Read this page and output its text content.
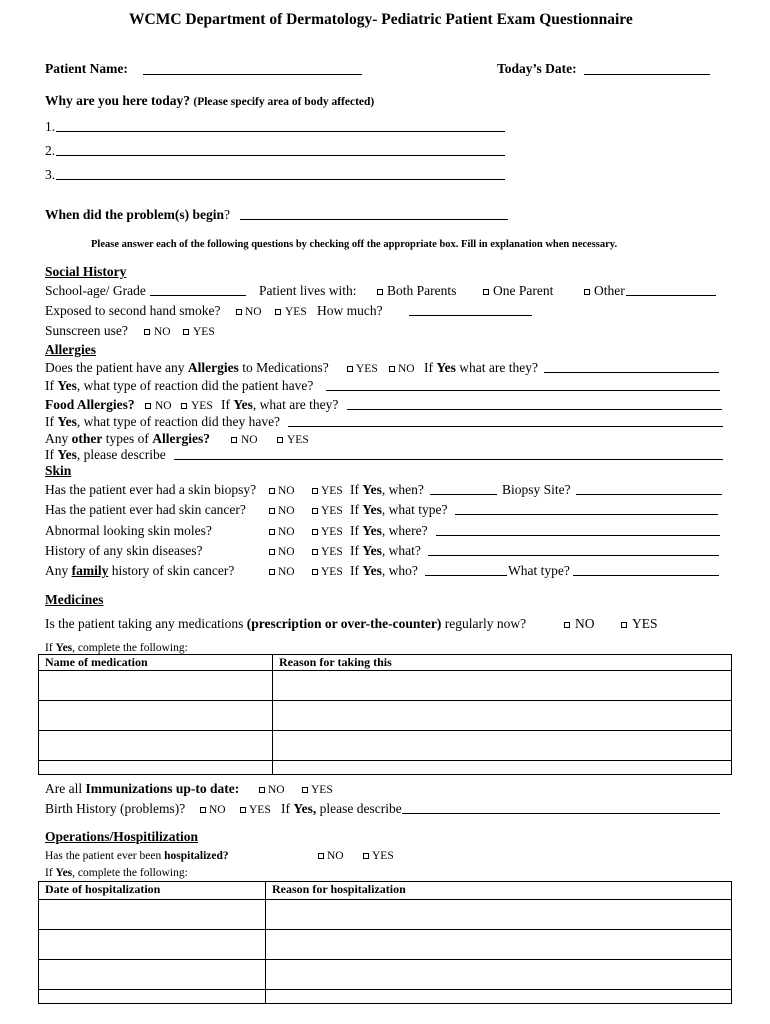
WCMC Department of Dermatology- Pediatric Patient Exam Questionnaire
Patient Name:	Today’s Date:
Why are you here today? (Please specify area of body affected)
1.
2.
3.
When did the problem(s) begin?
Please answer each of the following questions by checking off the appropriate box. Fill in explanation when necessary.
Social History
School-age/ Grade	Patient lives with: Both Parents	One Parent	Other
Exposed to second hand smoke? NO YES How much?
Sunscreen use? NO YES
Allergies
Does the patient have any Allergies to Medications? YES NO If Yes what are they?
If Yes, what type of reaction did the patient have?
Food Allergies? NO YES If Yes, what are they?
If Yes, what type of reaction did they have?
Any other types of Allergies?	NO	YES
If Yes, please describe
Skin
Has the patient ever had a skin biopsy? NO YES If Yes, when?	Biopsy Site?
Has the patient ever had skin cancer?	NO YES If Yes, what type?
Abnormal looking skin moles?	NO YES If Yes, where?
History of any skin diseases?	NO YES If Yes, what?
Any family history of skin cancer?	NO YES If Yes, who?	What type?
Medicines
Is the patient taking any medications (prescription or over-the-counter) regularly now?	NO	YES
If Yes, complete the following:
Name of medication	Reason for taking this

Are all Immunizations up-to date:	NO YES
Birth History (problems)? NO YES If Yes, please describe
Operations/Hospitilization
Has the patient ever been hospitalized?	NO YES
If Yes, complete the following:
Date of hospitalization	Reason for hospitalization
